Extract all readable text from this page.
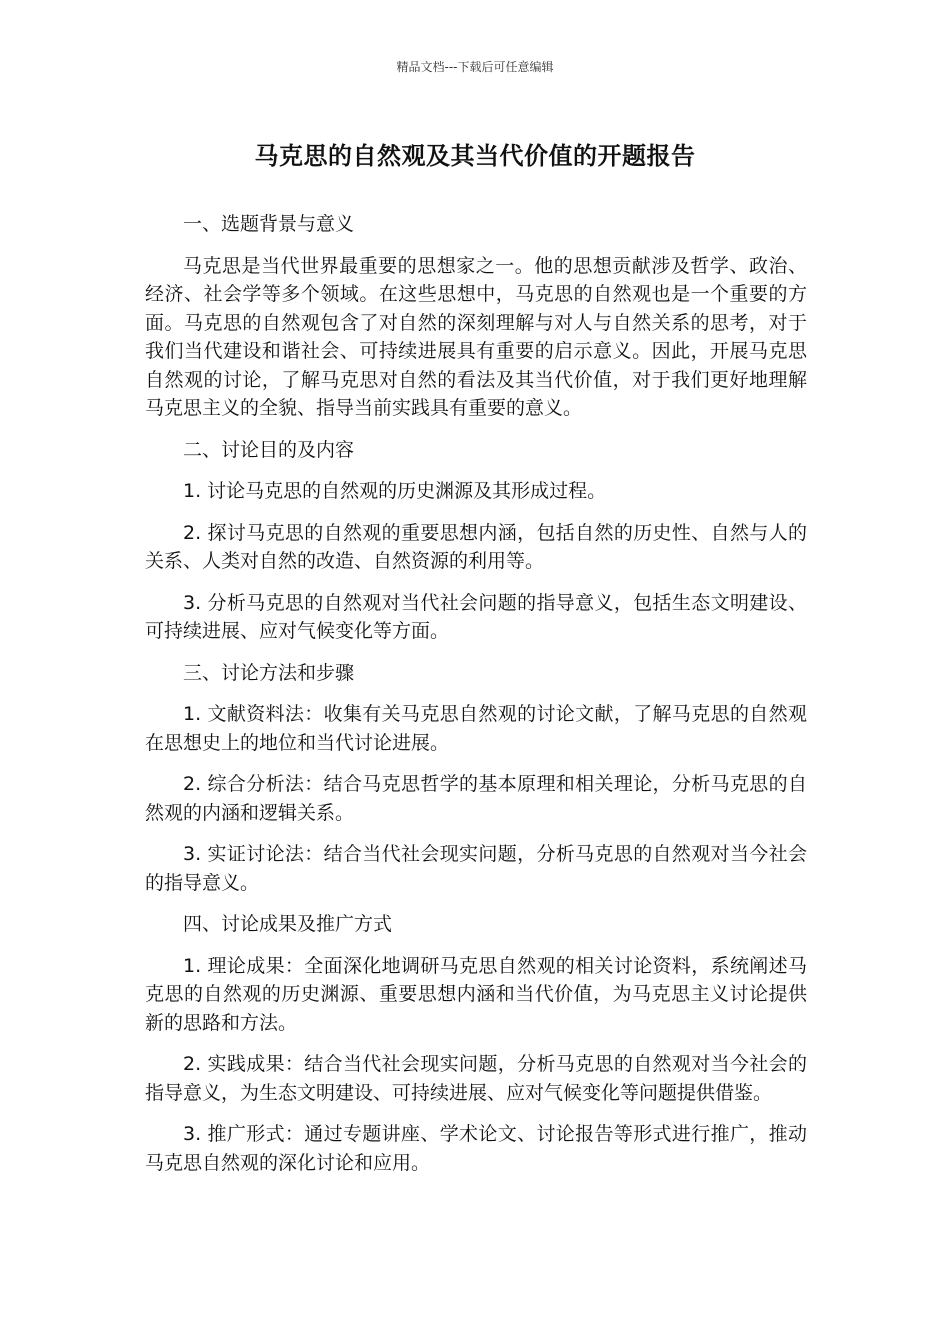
精品文档---下载后可任意编辑
马克思的自然观及其当代价值的开题报告
一、选题背景与意义

马克思是当代世界最重要的思想家之一。他的思想贡献涉及哲学、政治、经济、社会学等多个领域。在这些思想中，马克思的自然观也是一个重要的方面。马克思的自然观包含了对自然的深刻理解与对人与自然关系的思考，对于我们当代建设和谐社会、可持续进展具有重要的启示意义。因此，开展马克思自然观的讨论，了解马克思对自然的看法及其当代价值，对于我们更好地理解马克思主义的全貌、指导当前实践具有重要的意义。

二、讨论目的及内容

1. 讨论马克思的自然观的历史渊源及其形成过程。

2. 探讨马克思的自然观的重要思想内涵，包括自然的历史性、自然与人的关系、人类对自然的改造、自然资源的利用等。

3. 分析马克思的自然观对当代社会问题的指导意义，包括生态文明建设、可持续进展、应对气候变化等方面。

三、讨论方法和步骤

1. 文献资料法：收集有关马克思自然观的讨论文献，了解马克思的自然观在思想史上的地位和当代讨论进展。

2. 综合分析法：结合马克思哲学的基本原理和相关理论，分析马克思的自然观的内涵和逻辑关系。

3. 实证讨论法：结合当代社会现实问题，分析马克思的自然观对当今社会的指导意义。

四、讨论成果及推广方式

1. 理论成果：全面深化地调研马克思自然观的相关讨论资料，系统阐述马克思的自然观的历史渊源、重要思想内涵和当代价值，为马克思主义讨论提供新的思路和方法。

2. 实践成果：结合当代社会现实问题，分析马克思的自然观对当今社会的指导意义，为生态文明建设、可持续进展、应对气候变化等问题提供借鉴。

3. 推广形式：通过专题讲座、学术论文、讨论报告等形式进行推广，推动马克思自然观的深化讨论和应用。
